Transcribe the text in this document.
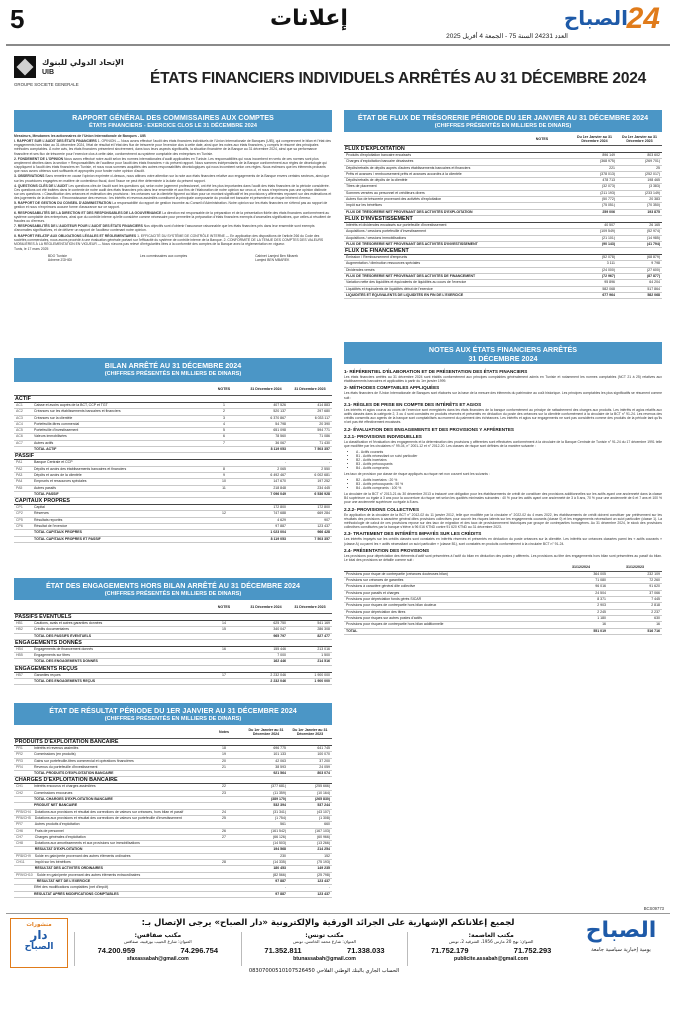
5	إعلانات
العدد 24231 السنة 75 - الجمعة 4 أفريل 2025
24
الصباح
الإتحاد الدولي للبنوك
UIB
GROUPE SOCIETE GENERALE	ÉTATS FINANCIERS INDIVIDUELS ARRÊTÉS AU 31 DÉCEMBRE 2024
RAPPORT GÉNÉRAL DES COMMISSAIRES AUX COMPTES
ÉTATS FINANCIERS - EXERCICE CLOS LE 31 DÉCEMBRE 2024

Messieurs, Mesdames les actionnaires de l'Union Internationale de Banques - UIB

I. RAPPORT SUR L'AUDIT DES ÉTATS FINANCIERS 1. OPINION — Nous avons effectué l'audit des états financiers individuels de l'Union Internationale de Banques (UIB), qui comprennent le bilan et l'état des engagements hors bilan au 31 décembre 2024, l'état de résultat et l'état des flux de trésorerie pour l'exercice clos à cette date, ainsi que les notes aux états financiers, y compris le résumé des principales méthodes comptables. À notre avis, les états financiers présentent sincèrement, dans tous leurs aspects significatifs, la situation financière de la Banque au 31 décembre 2024, ainsi que sa performance financière et ses flux de trésorerie pour l'exercice clos à cette date, conformément au système comptable des entreprises en Tunisie.

2. FONDEMENT DE L'OPINION Nous avons effectué notre audit selon les normes internationales d'audit applicables en Tunisie. Les responsabilités qui nous incombent en vertu de ces normes sont plus amplement décrites dans la section « Responsabilités de l'auditeur pour l'audit des états financiers » du présent rapport. Nous sommes indépendants de la Banque conformément aux règles de déontologie qui s'appliquent à l'audit des états financiers en Tunisie, et nous nous sommes acquittés des autres responsabilités déontologiques qui nous incombent selon ces règles. Nous estimons que les éléments probants que nous avons obtenus sont suffisants et appropriés pour fonder notre opinion d'audit.

3. OBSERVATIONS Sans remettre en cause l'opinion exprimée ci-dessus, nous attirons votre attention sur la note aux états financiers relative aux engagements de la Banque envers certains secteurs, ainsi que sur les procédures engagées en matière de contentieux fiscal, dont l'issue ne peut être déterminée à la date du présent rapport.

4. QUESTIONS CLÉS DE L'AUDIT Les questions clés de l'audit sont les questions qui, selon notre jugement professionnel, ont été les plus importantes dans l'audit des états financiers de la période considérée. Ces questions ont été traitées dans le contexte de notre audit des états financiers pris dans leur ensemble et aux fins de l'élaboration de notre opinion sur ceux-ci, et nous n'exprimons pas une opinion distincte sur ces questions. • Classification des créances et estimation des provisions : les créances sur la clientèle figurent au bilan pour un montant significatif et les provisions y afférentes reposent sur des estimations et des jugements de la direction. • Reconnaissance des revenus : les intérêts et revenus assimilés constituent la principale composante du produit net bancaire et présentent un risque inhérent d'erreur.

5. RAPPORT DE GESTION DU CONSEIL D'ADMINISTRATION La responsabilité du rapport de gestion incombe au Conseil d'Administration. Notre opinion sur les états financiers ne s'étend pas au rapport de gestion et nous n'exprimons aucune forme d'assurance sur ce rapport.

6. RESPONSABILITÉS DE LA DIRECTION ET DES RESPONSABLES DE LA GOUVERNANCE La direction est responsable de la préparation et de la présentation fidèle des états financiers conformément au système comptable des entreprises, ainsi que du contrôle interne qu'elle considère comme nécessaire pour permettre la préparation d'états financiers exempts d'anomalies significatives, que celles-ci résultent de fraudes ou d'erreurs.

7. RESPONSABILITÉS DE L'AUDITEUR POUR L'AUDIT DES ÉTATS FINANCIERS Nos objectifs sont d'obtenir l'assurance raisonnable que les états financiers pris dans leur ensemble sont exempts d'anomalies significatives, et de délivrer un rapport de l'auditeur contenant notre opinion.

II. RAPPORT RELATIF AUX OBLIGATIONS LÉGALES ET RÉGLEMENTAIRES 1. EFFICACITÉ DU SYSTÈME DE CONTRÔLE INTERNE — En application des dispositions de l'article 266 du Code des sociétés commerciales, nous avons procédé à une évaluation générale portant sur l'efficacité du système de contrôle interne de la Banque. 2. CONFORMITÉ DE LA TENUE DES COMPTES DES VALEURS MOBILIÈRES À LA RÉGLEMENTATION EN VIGUEUR — Nous n'avons pas relevé d'irrégularités liées à la conformité des comptes de la Banque avec la réglementation en vigueur.

Tunis, le 17 mars 2025

BDO Tunisie
Adnene ZGHIDI
Les commissaires aux comptes	Cabinet Lamjed Ben Mbarek
Lamjed BEN MBAREK
BILAN ARRÊTÉ AU 31 DÉCEMBRE 2024
(CHIFFRES PRÉSENTÉS EN MILLIERS DE DINARS)
NOTES	31 Décembre 2024	31 Décembre 2023
ACTIF
AC1	Caisse et avoirs auprès de la BCT, CCP et TGT	1	407 526	414 883
AC2	Créances sur les établissements bancaires et financiers	2	520 137	297 680
AC3	Créances sur la clientèle	3	6 370 867	6 033 117
AC4	Portefeuille-titres commercial	4	54 798	20 390
AC5	Portefeuille d'investissement	5	651 098	594 771
AC6	Valeurs immobilisées	6	78 560	71 086
AC7	Autres actifs	7	36 067	71 430
	TOTAL ACTIF		8 119 053	7 503 357
PASSIF
PA1	Banque Centrale et CCP		-	-
PA2	Dépôts et avoirs des établissements bancaires et financiers	8	2 065	2 550
PA3	Dépôts et avoirs de la clientèle	9	6 492 467	6 002 681
PA4	Emprunts et ressources spéciales	10	147 670	197 252
PA5	Autres passifs	11	218 848	234 445
	TOTAL PASSIF		7 096 049	6 536 928
CAPITAUX PROPRES
CP1	Capital		172 800	172 800
CP2	Réserves	12	747 688	669 284
CP5	Résultats reportés		4 629	907
CP6	Résultat de l'exercice		97 887	123 437
	TOTAL CAPITAUX PROPRES		1 023 004	966 428
	TOTAL CAPITAUX PROPRES ET PASSIF		8 119 053	7 503 357
ÉTAT DES ENGAGEMENTS HORS BILAN ARRÊTÉ AU 31 DÉCEMBRE 2024
(CHIFFRES PRÉSENTÉS EN MILLIERS DE DINARS)
NOTES	31 Décembre 2024	31 Décembre 2023
PASSIFS ÉVENTUELS
HB1	Cautions, avals et autres garanties données	14	625 750	541 169
HB2	Crédits documentaires	15	340 047	286 308
	TOTAL DES PASSIFS ÉVENTUELS		965 797	827 477
ENGAGEMENTS DONNÉS
HB4	Engagements de financement donnés	16	155 446	213 016
HB5	Engagements sur titres		7 000	1 500
	TOTAL DES ENGAGEMENTS DONNÉS		162 446	214 516
ENGAGEMENTS REÇUS
HB7	Garanties reçues	17	2 232 046	1 900 000
	TOTAL DES ENGAGEMENTS REÇUS		2 232 046	1 900 000
ÉTAT DE RÉSULTAT PÉRIODE DU 1ER JANVIER AU 31 DÉCEMBRE 2024
(CHIFFRES PRÉSENTÉS EN MILLIERS DE DINARS)
Notes	Du 1er Janvier au 31 Décembre 2024
Du 1er Janvier au 31 Décembre 2023
PRODUITS D'EXPLOITATION BANCAIRE
PR1	Intérêts et revenus assimilés	18	696 775	641 745
PR2	Commissions (en produits)	19	101 133	100 070
PR3	Gains sur portefeuille-titres commercial et opérations financières	20	42 063	37 200
PR4	Revenus du portefeuille d'investissement	21	38 593	24 059
	TOTAL PRODUITS D'EXPLOITATION BANCAIRE		921 564	803 074
CHARGES D'EXPLOITATION BANCAIRE
CH1	Intérêts encourus et charges assimilées	22	(377 681)	(255 666)
CH2	Commissions encourues	23	(11 359)	(10 164)
	TOTAL CHARGES D'EXPLOITATION BANCAIRE		(389 170)	(265 830)
	PRODUIT NET BANCAIRE		532 394	537 244
PR5/CH4	Dotations aux provisions et résultat des corrections de valeurs sur créances, hors bilan et passif	24	(31 341)	(43 107)
PR6/CH5	Dotations aux provisions et résultat des corrections de valeurs sur portefeuille d'investissement	25	(1 754)	(1 308)
PR7	Autres produits d'exploitation		561	660
CH6	Frais de personnel	26	(161 542)	(167 103)
CH7	Charges générales d'exploitation	27	(66 126)	(60 966)
CH8	Dotations aux amortissements et aux provisions sur immobilisations		(14 503)	(13 266)
	RÉSULTAT D'EXPLOITATION		194 568	214 254
PR8/CH9	Solde en gain/perte provenant des autres éléments ordinaires		230	152
CH11	Impôt sur les bénéfices	28	(14 335)	(75 193)
	RÉSULTAT DES ACTIVITÉS ORDINAIRES		180 453	149 235
PR9/CH10	Solde en gain/perte provenant des autres éléments extraordinaires		(82 566)	(25 798)
	RÉSULTAT NET DE L'EXERCICE		97 887	123 437
	Effet des modifications comptables (net d'impôt)		-	-
	RÉSULTAT APRÈS MODIFICATIONS COMPTABLES		97 887	123 437
ÉTAT DE FLUX DE TRÉSORERIE PÉRIODE DU 1ER JANVIER AU 31 DÉCEMBRE 2024
(CHIFFRES PRÉSENTÉS EN MILLIERS DE DINARS)
NOTES	Du 1er Janvier au 31 Décembre 2024
Du 1er Janvier au 31 Décembre 2023
FLUX D'EXPLOITATION
Produits d'exploitation bancaire encaissés	896 149	803 602
Charges d'exploitation bancaire décaissées	(368 975)	(269 701)
Dépôts/retraits de dépôts auprès d'autres établissements bancaires et financiers	221	25
Prêts et avances / remboursement prêts et avances accordés à la clientèle	(378 013)	(252 017)
Dépôts/retraits de dépôts de la clientèle	478 713	198 465
Titres de placement	(32 073)	(3 383)
Sommes versées au personnel et créditeurs divers	(211 193)	(233 149)
Autres flux de trésorerie provenant des activités d'exploitation	(50 772)	20 383
Impôt sur les bénéfices	(75 051)	(70 350)
FLUX DE TRÉSORERIE NET PROVENANT DES ACTIVITÉS D'EXPLOITATION	259 006	193 875
FLUX D'INVESTISSEMENT
Intérêts et dividendes encaissés sur portefeuille d'investissement	40 507	26 165
Acquisitions / cessions portefeuille d'investissement	(109 549)	(52 974)
Acquisitions / cessions immobilisations	(21 101)	(14 985)
FLUX DE TRÉSORERIE NET PROVENANT DES ACTIVITÉS D'INVESTISSEMENT	(90 143)	(41 794)
FLUX DE FINANCEMENT
Émission / Remboursement d'emprunts	(52 078)	(68 879)
Augmentation / diminution ressources spéciales	3 111	9 798
Dividendes versés	(24 000)	(27 600)
FLUX DE TRÉSORERIE NET PROVENANT DES ACTIVITÉS DE FINANCEMENT	(72 967)	(87 877)
Variation nette des liquidités et équivalents de liquidités au cours de l'exercice	95 896	64 204
Liquidités et équivalents de liquidités début de l'exercice	582 068	517 864
LIQUIDITÉS ET ÉQUIVALENTS DE LIQUIDITÉS EN FIN DE L'EXERCICE	677 964	582 068
NOTES AUX ÉTATS FINANCIERS ARRÊTÉS
31 DÉCEMBRE 2024
1- RÉFÉRENTIEL D'ÉLABORATION ET DE PRÉSENTATION DES ÉTATS FINANCIERS
Les états financiers arrêtés au 31 décembre 2024 sont établis conformément aux principes comptables généralement admis en Tunisie et notamment les normes comptables (NCT 21 à 25) relatives aux établissements bancaires et applicables à partir du 1er janvier 1999.
2- MÉTHODES COMPTABLES APPLIQUÉES
Les états financiers de l'Union Internationale de Banques sont élaborés sur la base de la mesure des éléments du patrimoine au coût historique. Les principes comptables les plus significatifs se résument comme suit :
2.1- RÈGLES DE PRISE EN COMPTE DES INTÉRÊTS ET AGIOS
Les intérêts et agios courus au cours de l'exercice sont enregistrés dans les états financiers de la banque conformément au principe de rattachement des charges aux produits. Les intérêts et agios relatifs aux actifs classés dans la catégorie 2, 3 ou 4 sont constatés en produits réservés et présentés en déduction du poste des créances sur la clientèle conformément à la circulaire de la BCT n° 91-24. Les revenus des crédits consentis aux agents de la banque sont comptabilisés au moment du paiement des échéances. Les intérêts et agios sur engagements ne sont pas considérés comme des produits de la période tant qu'ils n'ont pas été effectivement encaissés.
2.2- ÉVALUATION DES ENGAGEMENTS ET DES PROVISIONS Y AFFÉRENTES
2.2.1- PROVISIONS INDIVIDUELLES
La classification et l'évaluation des engagements et la détermination des provisions y afférentes sont effectuées conformément à la circulaire de la Banque Centrale de Tunisie n° 91-24 du 17 décembre 1991 telle que modifiée par les circulaires n° 99-04, n° 2001-12 et n° 2012-20. Les classes de risque sont définies de la manière suivante :
• A - Actifs courants
• B1 - Actifs nécessitant un suivi particulier
• B2 - Actifs incertains
• B3 - Actifs préoccupants
• B4 - Actifs compromis
Les taux de provision par classe de risque appliqués au risque net non couvert sont les suivants :
• B2 - Actifs incertains : 20 %
• B3 - Actifs préoccupants : 50 %
• B4 - Actifs compromis : 100 %
La circulaire de la BCT n° 2013-21 du 30 décembre 2013 a instauré une obligation pour les établissements de crédit de constituer des provisions additionnelles sur les actifs ayant une ancienneté dans la classe B4 supérieure ou égale à 3 ans pour la couverture du risque net selon les quotités minimales suivantes : 40 % pour les actifs ayant une ancienneté de 3 à 5 ans, 70 % pour une ancienneté de 6 et 7 ans et 100 % pour une ancienneté supérieure ou égale à 8 ans.
2.2.2- PROVISIONS COLLECTIVES
En application de la circulaire de la BCT n° 2012-02 du 11 janvier 2012, telle que modifiée par la circulaire n° 2022-02 du 4 mars 2022, les établissements de crédit doivent constituer par prélèvement sur les résultats des provisions à caractère général dites provisions collectives pour couvrir les risques latents sur les engagements courants (classe 0) et les engagements nécessitant un suivi particulier (classe 1). La méthodologie de calcul de ces provisions repose sur des taux de migration et des taux de provisionnement historiques par groupe de contreparties homogènes. Au 31 décembre 2024, le stock des provisions collectives constituées par la banque s'élève à 96 016 KTND contre 91 620 KTND au 31 décembre 2023.
2.3- TRAITEMENT DES INTÉRÊTS IMPAYÉS SUR LES CRÉDITS
Les intérêts impayés sur les crédits classés sont constatés en intérêts réservés et présentés en déduction du poste créances sur la clientèle. Les intérêts sur créances classées parmi les « actifs courants » (classe A) ou parmi les « actifs nécessitant un suivi particulier » (classe B1), sont constatés en produits conformément à la circulaire BCT n° 91-24.
2.4- PRÉSENTATION DES PROVISIONS
Les provisions pour dépréciation des éléments d'actif sont présentées à l'actif du bilan en déduction des postes y afférents. Les provisions au titre des engagements hors bilan sont présentées au passif du bilan. Le total des provisions se détaille comme suit :
31/12/2024	31/12/2023
Provisions pour risque de contrepartie (créances douteuses bilan)	364 005	232 109
Provisions sur créances de garanties	71 080	72 260
Provisions à caractère général dite collective	96 016	91 620
Provisions pour passifs et charges	24 504	37 066
Provisions pour dépréciation fonds gérés SICAR	8 371	7 445
Provisions pour risques de contrepartie hors bilan douteux	2 903	2 818
Provisions pour dépréciation des titres	2 245	2 237
Provisions pour risques sur autres postes d'actifs	1 180	630
Provisions pour risques de contrepartie hors bilan additionnelle	16	16
TOTAL	551 019	516 716
BCS09773
منشورات
دار
الصباح
لجميع إعلاناتكم الإشهارية على الجرائد الورقية والإلكترونية «دار الصباح» يرجى الإتصال بـ:
مكتب العاصمة:
العنوان: نهج 20 مارس 1956، الشرقية 2، تونس
71.752.179	71.752.293
publicite.assabah@gmail.com
مكتب تونس:
العنوان: شارع محمد الخامس، تونس
71.352.811	71.338.033
btunassabah@gmail.com
مكتب صفاقس:
العنوان: شارع الحبيب بورقيبة، صفاقس
74.200.959	74.296.754
sfaxassabah@gmail.com
الحساب الجاري بالبنك الوطني الفلاحي 08307000510107526450
الصباح
يومية إخبارية سياسية جامعة
